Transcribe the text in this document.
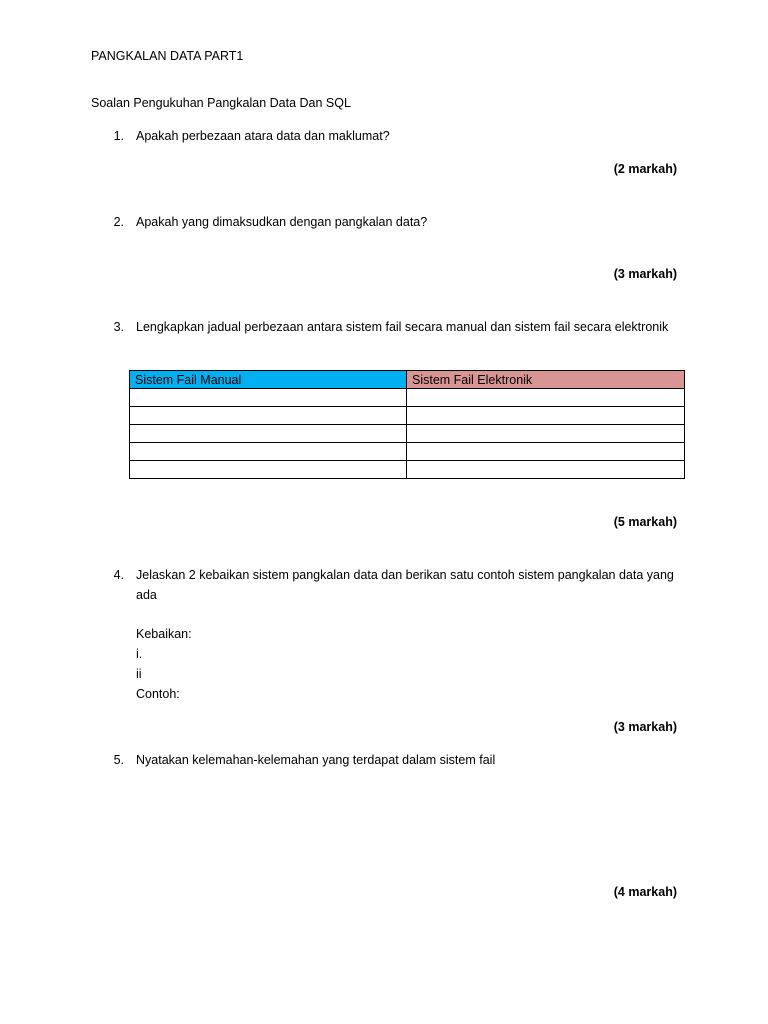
PANGKALAN DATA PART1
Soalan Pengukuhan Pangkalan Data Dan SQL
1. Apakah perbezaan atara data dan maklumat?
(2 markah)
2. Apakah yang dimaksudkan dengan pangkalan data?
(3 markah)
3. Lengkapkan jadual perbezaan antara sistem fail secara manual dan sistem fail secara elektronik
Sistem Fail Manual	Sistem Fail Elektronik

(5 markah)
4. Jelaskan 2 kebaikan sistem pangkalan data dan berikan satu contoh sistem pangkalan data yang
ada
Kebaikan:
i.
ii
Contoh:
(3 markah)
5. Nyatakan kelemahan-kelemahan yang terdapat dalam sistem fail
(4 markah)
